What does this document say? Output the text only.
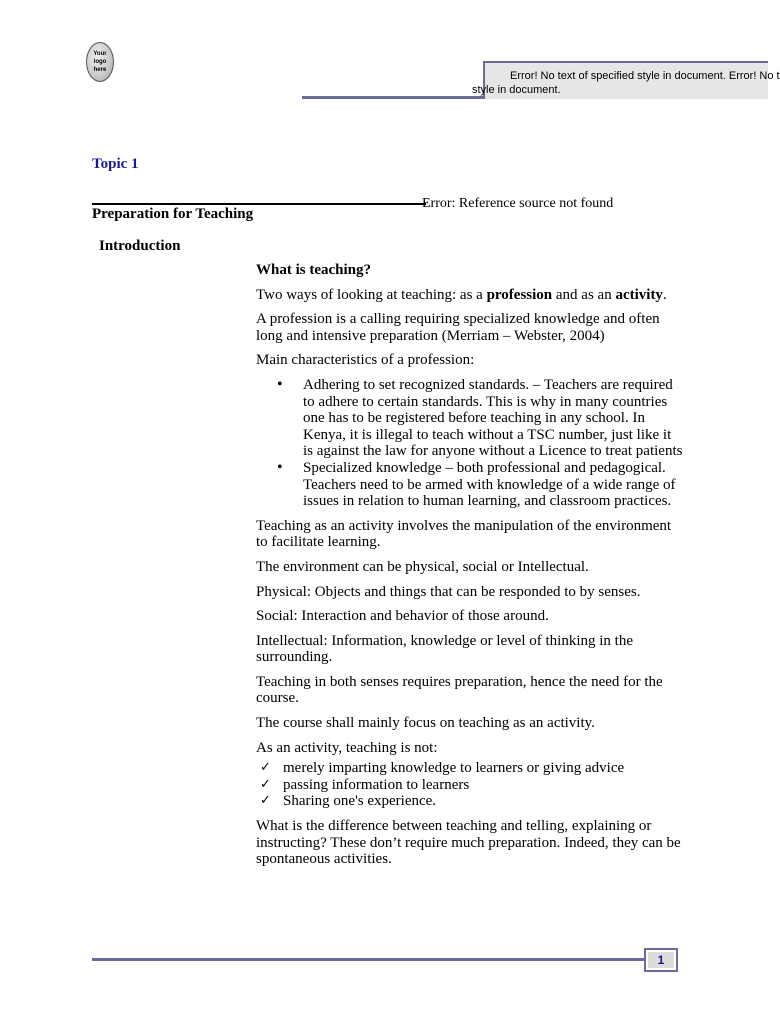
Your
logo
here	Error! No text of specified style in document. Error! No t
style in document.
Topic 1
Error: Reference source not found
Preparation for Teaching
Introduction
What is teaching?

Two ways of looking at teaching: as a profession and as an activity.

A profession is a calling requiring specialized knowledge and often long and intensive preparation (Merriam – Webster, 2004)

Main characteristics of a profession:

• Adhering to set recognized standards. – Teachers are required to adhere to certain standards. This is why in many countries one has to be registered before teaching in any school. In Kenya, it is illegal to teach without a TSC number, just like it is against the law for anyone without a Licence to treat patients
• Specialized knowledge – both professional and pedagogical. Teachers need to be armed with knowledge of a wide range of issues in relation to human learning, and classroom practices.

Teaching as an activity involves the manipulation of the environment to facilitate learning.

The environment can be physical, social or Intellectual.

Physical: Objects and things that can be responded to by senses.

Social: Interaction and behavior of those around.

Intellectual: Information, knowledge or level of thinking in the surrounding.

Teaching in both senses requires preparation, hence the need for the course.

The course shall mainly focus on teaching as an activity.

As an activity, teaching is not:

✓ merely imparting knowledge to learners or giving advice
✓ passing information to learners
✓ Sharing one's experience.

What is the difference between teaching and telling, explaining or instructing? These don’t require much preparation. Indeed, they can be spontaneous activities.

1
